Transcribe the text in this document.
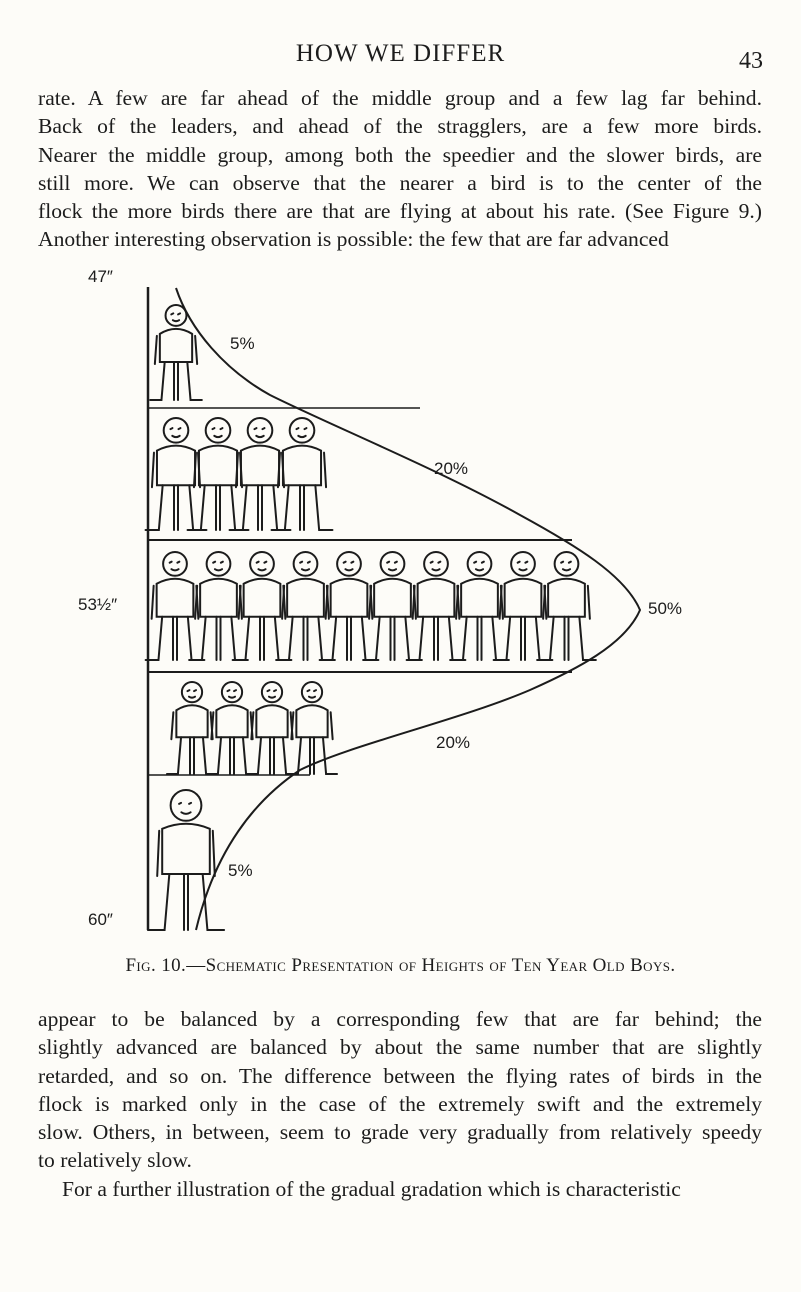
HOW WE DIFFER	43

rate. A few are far ahead of the middle group and a few lag far behind.
Back of the leaders, and ahead of the stragglers, are a few more birds.
Nearer the middle group, among both the speedier and the slower birds, are
still more. We can observe that the nearer a bird is to the center of the
flock the more birds there are that are flying at about his rate. (See Figure 9.)
Another interesting observation is possible: the few that are far advanced

47″
53½″
60″
5%
20%
50%
20%
5%
Fig. 10.—Schematic Presentation of Heights of Ten Year Old Boys.

appear to be balanced by a corresponding few that are far behind; the
slightly advanced are balanced by about the same number that are slightly
retarded, and so on. The difference between the flying rates of birds in the
flock is marked only in the case of the extremely swift and the extremely
slow. Others, in between, seem to grade very gradually from relatively speedy
to relatively slow.
For a further illustration of the gradual gradation which is characteristic
